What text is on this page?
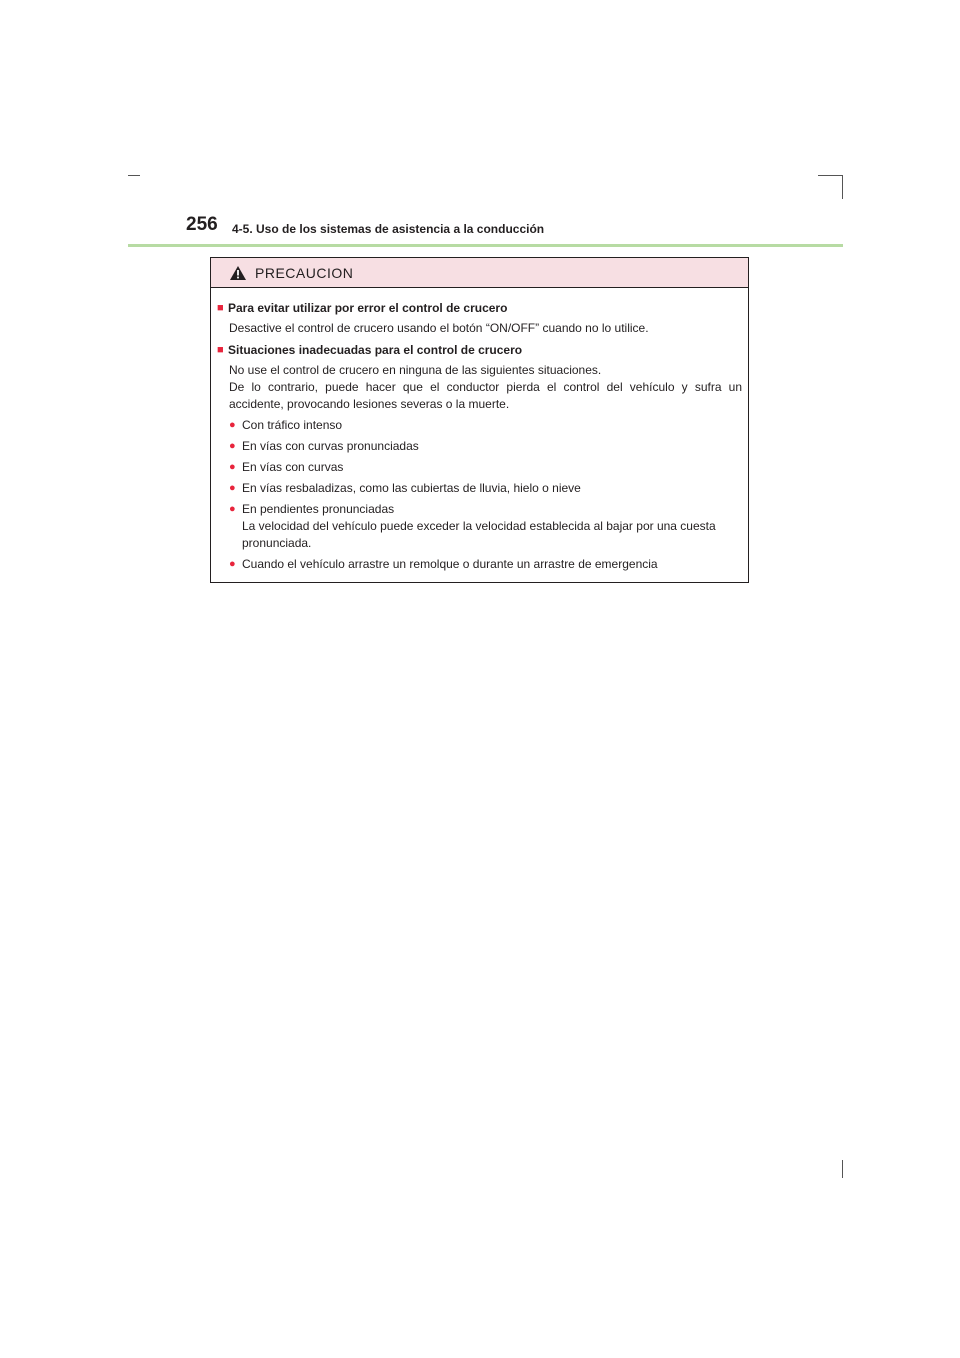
256 4-5. Uso de los sistemas de asistencia a la conducción
PRECAUCION
■ Para evitar utilizar por error el control de crucero
Desactive el control de crucero usando el botón “ON/OFF” cuando no lo utilice.
■ Situaciones inadecuadas para el control de crucero
No use el control de crucero en ninguna de las siguientes situaciones.
De lo contrario, puede hacer que el conductor pierda el control del vehículo y sufra un accidente, provocando lesiones severas o la muerte.
● Con tráfico intenso
● En vías con curvas pronunciadas
● En vías con curvas
● En vías resbaladizas, como las cubiertas de lluvia, hielo o nieve
● En pendientes pronunciadas
La velocidad del vehículo puede exceder la velocidad establecida al bajar por una cuesta pronunciada.
● Cuando el vehículo arrastre un remolque o durante un arrastre de emergencia
